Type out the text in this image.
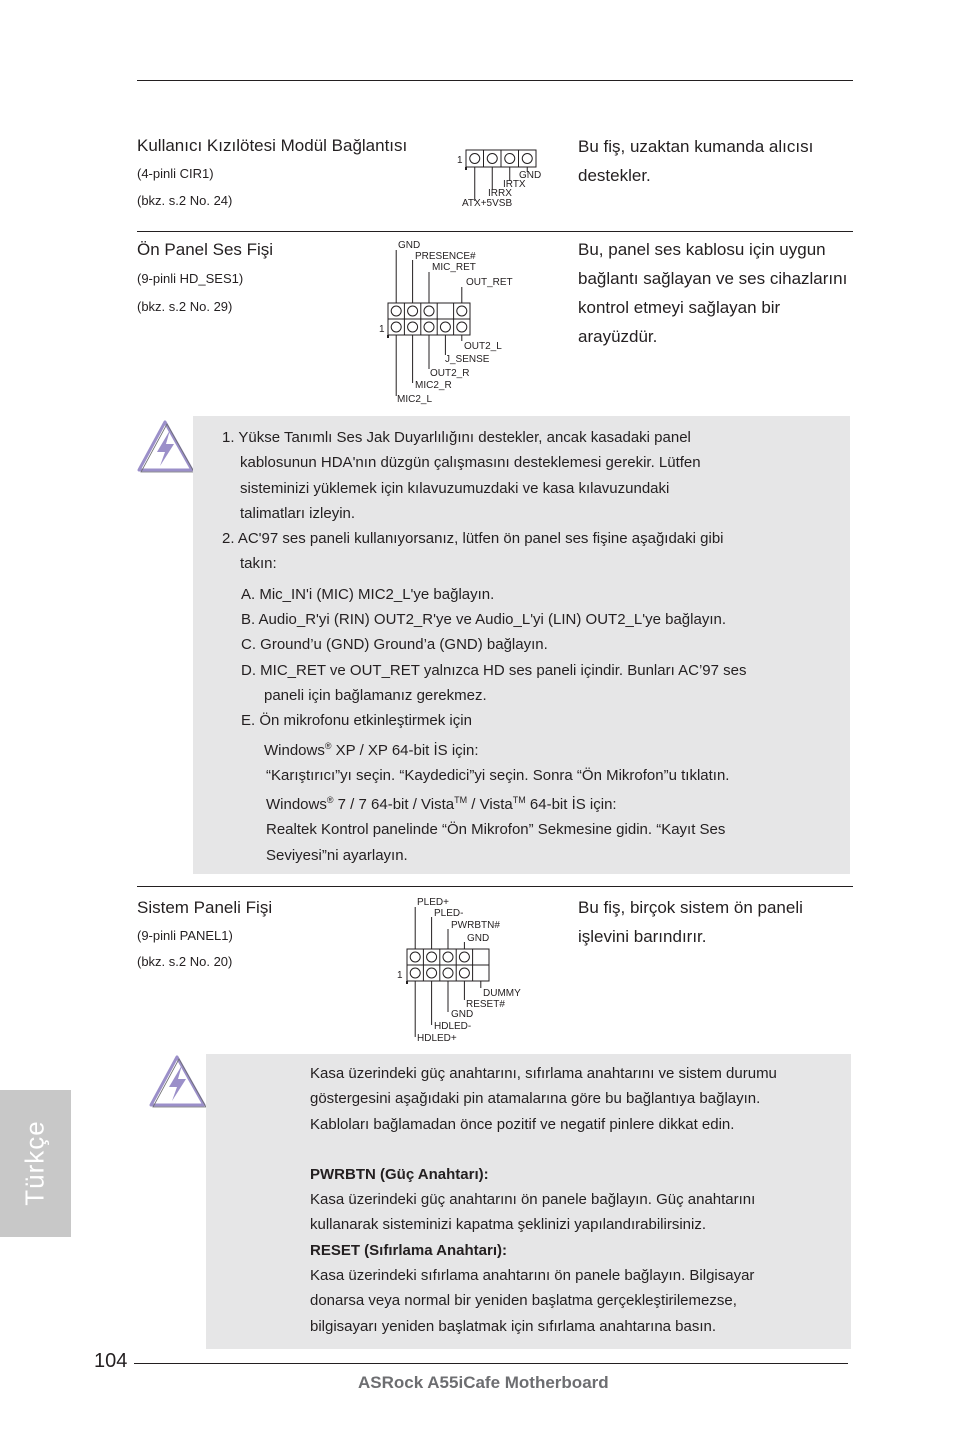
Kullanıcı Kızılötesi Modül Bağlantısı
(4-pinli CIR1)
(bkz. s.2 No. 24)
Bu fiş, uzaktan kumanda alıcısı destekler.
1
GND
IRTX
IRRX
ATX+5VSB
Ön Panel Ses Fişi
(9-pinli HD_SES1)
(bkz. s.2 No. 29)
Bu, panel ses kablosu için uygun bağlantı sağlayan ve ses cihazlarını kontrol etmeyi sağlayan bir arayüzdür.
GND
PRESENCE#
MIC_RET
OUT_RET
1
OUT2_L
J_SENSE
OUT2_R
MIC2_R
MIC2_L

1. Yükse Tanımlı Ses Jak Duyarlılığını destekler, ancak kasadaki panel

kablosunun HDA'nın düzgün çalışmasını desteklemesi gerekir. Lütfen

sisteminizi yüklemek için kılavuzumuzdaki ve kasa kılavuzundaki

talimatları izleyin.

2. AC'97 ses paneli kullanıyorsanız, lütfen ön panel ses fişine aşağıdaki gibi

takın:

A. Mic_IN'i (MIC) MIC2_L'ye bağlayın.

B. Audio_R'yi (RIN) OUT2_R'ye ve Audio_L'yi (LIN) OUT2_L'ye bağlayın.

C. Ground’u (GND) Ground’a (GND) bağlayın.

D. MIC_RET ve OUT_RET yalnızca HD ses paneli içindir. Bunları AC’97 ses

paneli için bağlamanız gerekmez.

E. Ön mikrofonu etkinleştirmek için

Windows® XP / XP 64-bit İS için:

“Karıştırıcı”yı seçin. “Kaydedici”yi seçin. Sonra “Ön Mikrofon”u tıklatın.

Windows® 7 / 7 64-bit / Vista™ / Vista™ 64-bit İS için:

Realtek Kontrol panelinde “Ön Mikrofon” Sekmesine gidin. “Kayıt Ses

Seviyesi”ni ayarlayın.

Sistem Paneli Fişi
(9-pinli PANEL1)
(bkz. s.2 No. 20)
Bu fiş, birçok sistem ön paneli işlevini barındırır.
PLED+
PLED-
PWRBTN#
GND
1
DUMMY
RESET#
GND
HDLED-
HDLED+

Kasa üzerindeki güç anahtarını, sıfırlama anahtarını ve sistem durumu

göstergesini aşağıdaki pin atamalarına göre bu bağlantıya bağlayın.

Kabloları bağlamadan önce pozitif ve negatif pinlere dikkat edin.

PWRBTN (Güç Anahtarı):

Kasa üzerindeki güç anahtarını ön panele bağlayın. Güç anahtarını

kullanarak sisteminizi kapatma şeklinizi yapılandırabilirsiniz.

RESET (Sıfırlama Anahtarı):

Kasa üzerindeki sıfırlama anahtarını ön panele bağlayın. Bilgisayar

donarsa veya normal bir yeniden başlatma gerçekleştirilemezse,

bilgisayarı yeniden başlatmak için sıfırlama anahtarına basın.

Türkçe
104
ASRock A55iCafe Motherboard
